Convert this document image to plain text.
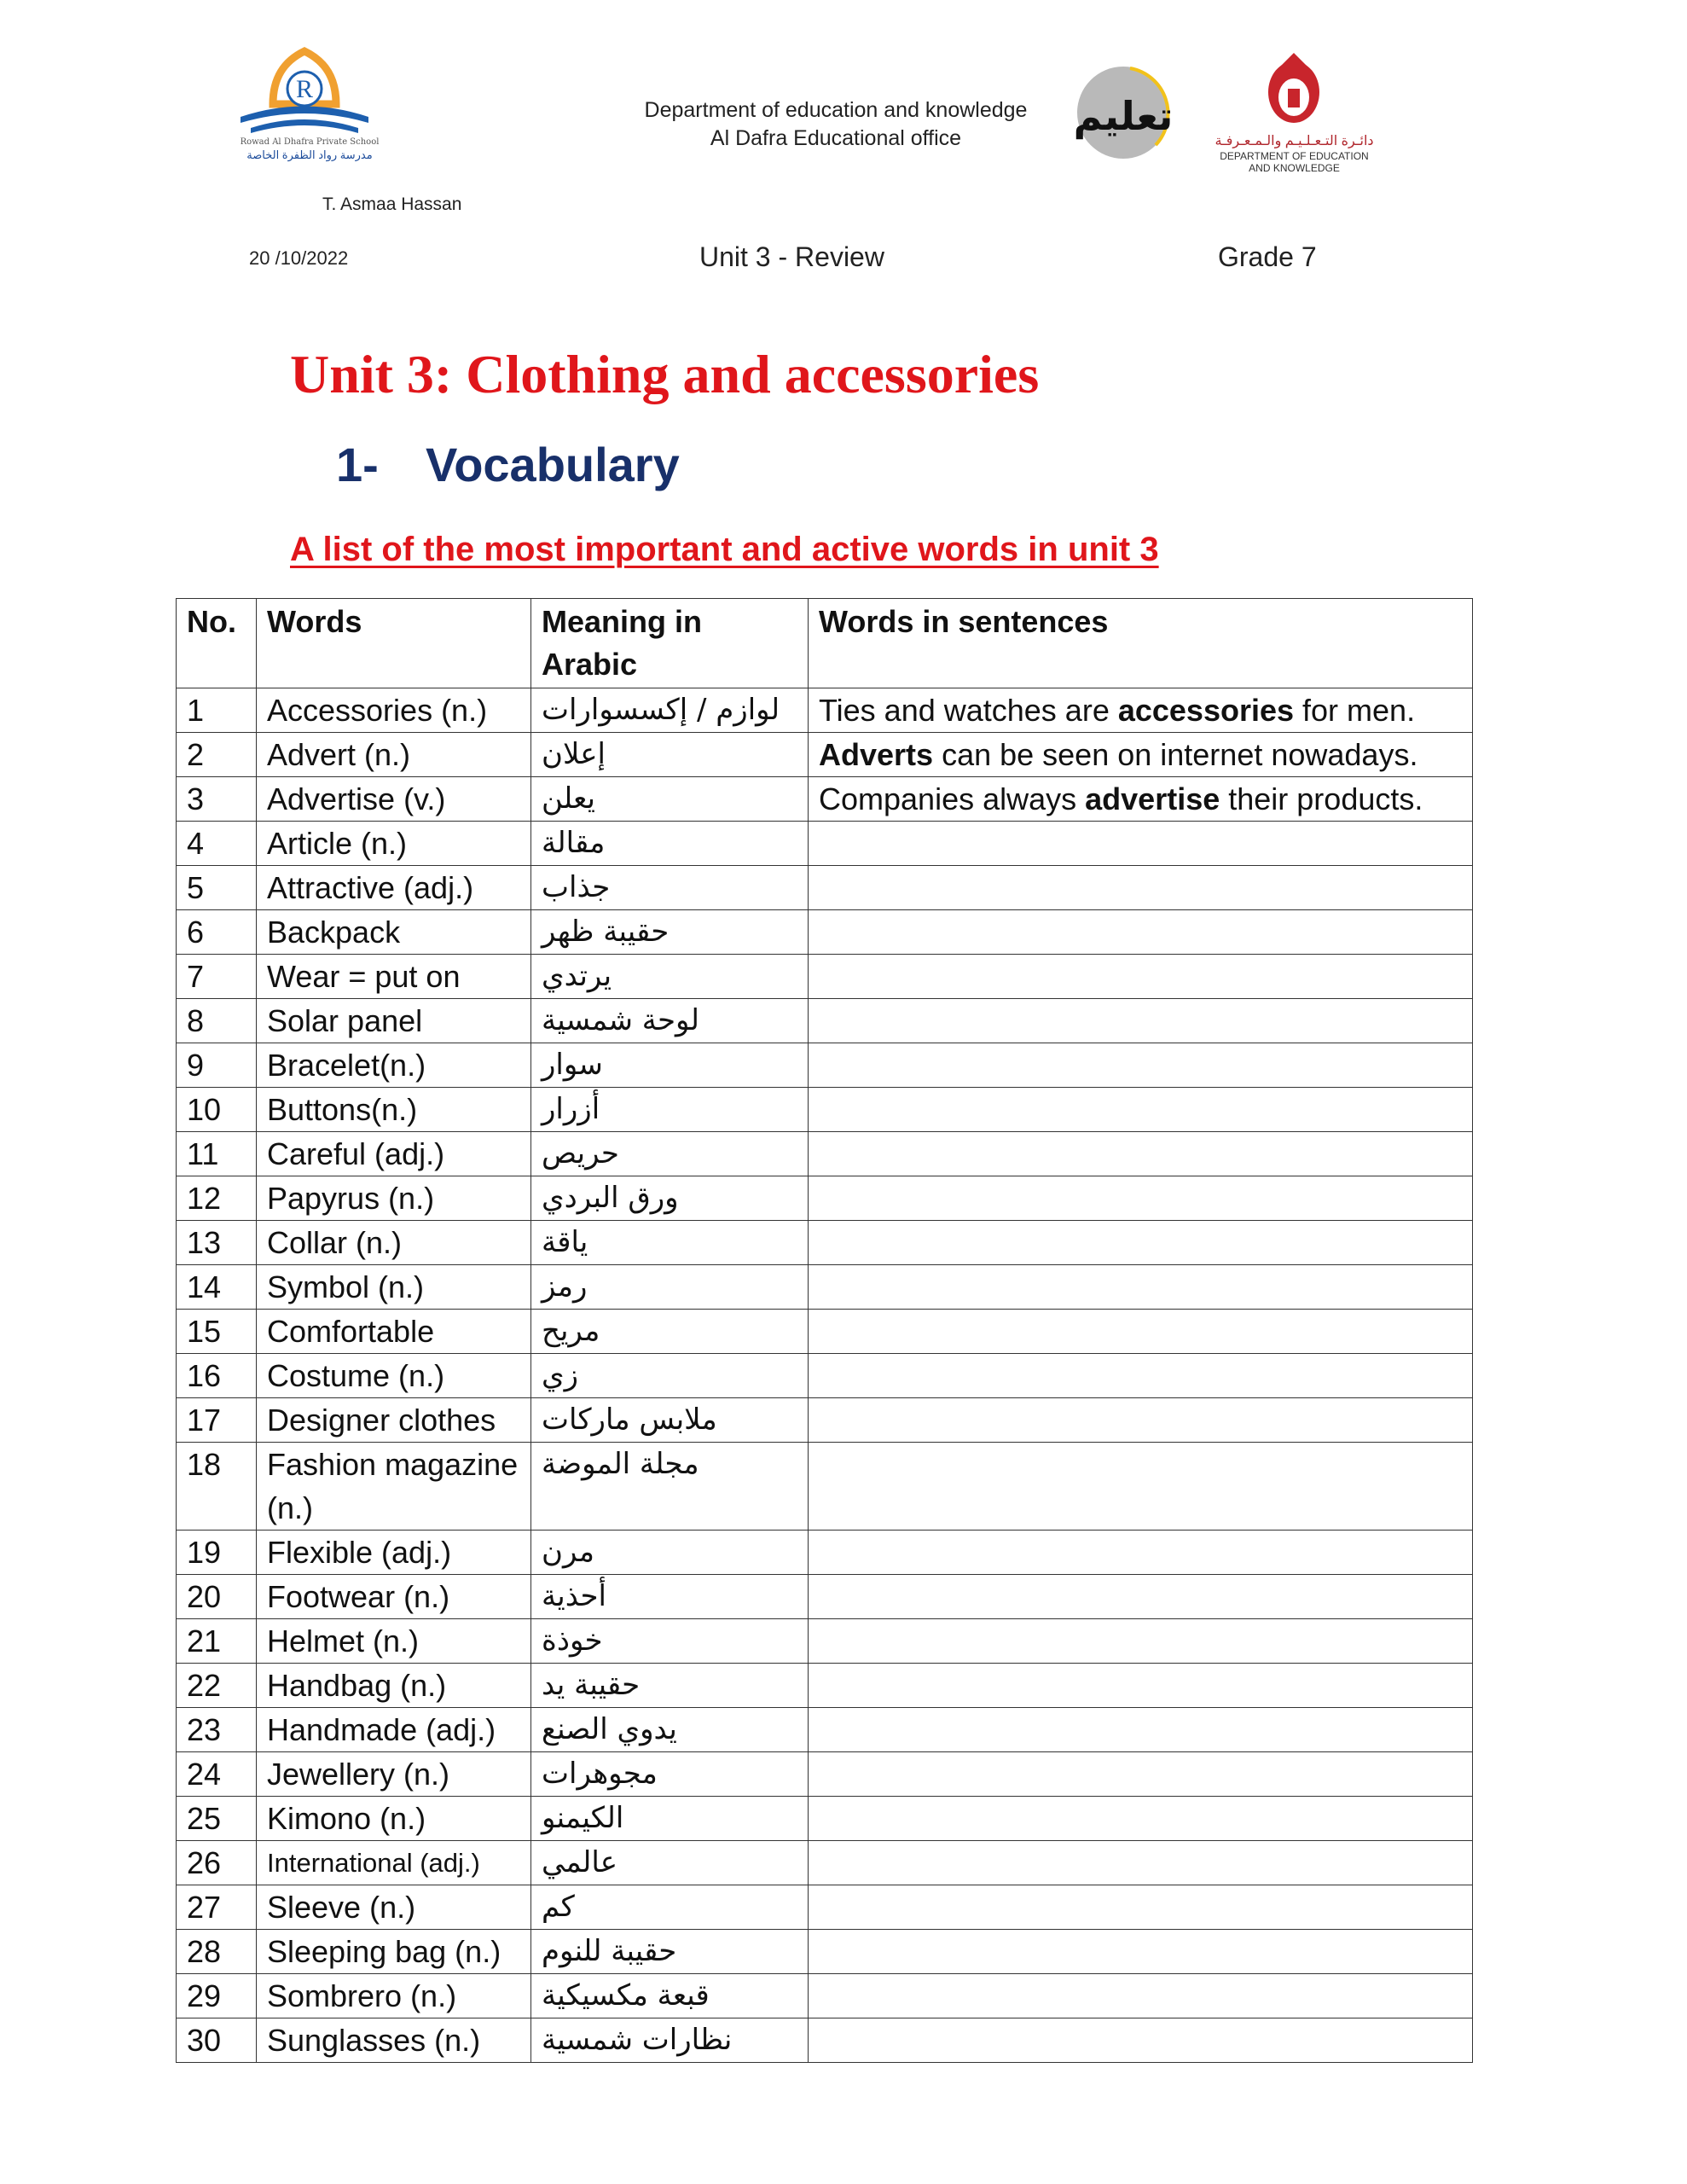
R
Rowad Al Dhafra Private School
مدرسة رواد الظفرة الخاصة
Department of education and knowledge
Al Dafra Educational office	تعليم
دائـرة التـعـلـيـم والـمـعـرفـة
DEPARTMENT OF EDUCATION
AND KNOWLEDGE
T. Asmaa Hassan
20 /10/2022	Unit 3 - Review	Grade 7
Unit 3: Clothing and accessories
1- Vocabulary
A list of the most important and active words in unit 3
No.	Words	Meaning in Arabic	Words in sentences
1	Accessories (n.)	لوازم / إكسسوارات	Ties and watches are accessories for men.
2	Advert (n.)	إعلان	Adverts can be seen on internet nowadays.
3	Advertise (v.)	يعلن	Companies always advertise their products.
4	Article (n.)	مقالة	
5	Attractive (adj.)	جذاب	
6	Backpack	حقيبة ظهر	
7	Wear = put on	يرتدي	
8	Solar panel	لوحة شمسية	
9	Bracelet(n.)	سوار	
10	Buttons(n.)	أزرار	
11	Careful (adj.)	حريص	
12	Papyrus (n.)	ورق البردي	
13	Collar (n.)	ياقة	
14	Symbol (n.)	رمز	
15	Comfortable	مريح	
16	Costume (n.)	زي	
17	Designer clothes	ملابس ماركات	
18	Fashion magazine (n.)	مجلة الموضة	
19	Flexible (adj.)	مرن	
20	Footwear (n.)	أحذية	
21	Helmet (n.)	خوذة	
22	Handbag (n.)	حقيبة يد	
23	Handmade (adj.)	يدوي الصنع	
24	Jewellery (n.)	مجوهرات	
25	Kimono (n.)	الكيمنو	
26	International (adj.)	عالمي	
27	Sleeve (n.)	كم	
28	Sleeping bag (n.)	حقيبة للنوم	
29	Sombrero (n.)	قبعة مكسيكية	
30	Sunglasses (n.)	نظارات شمسية	
